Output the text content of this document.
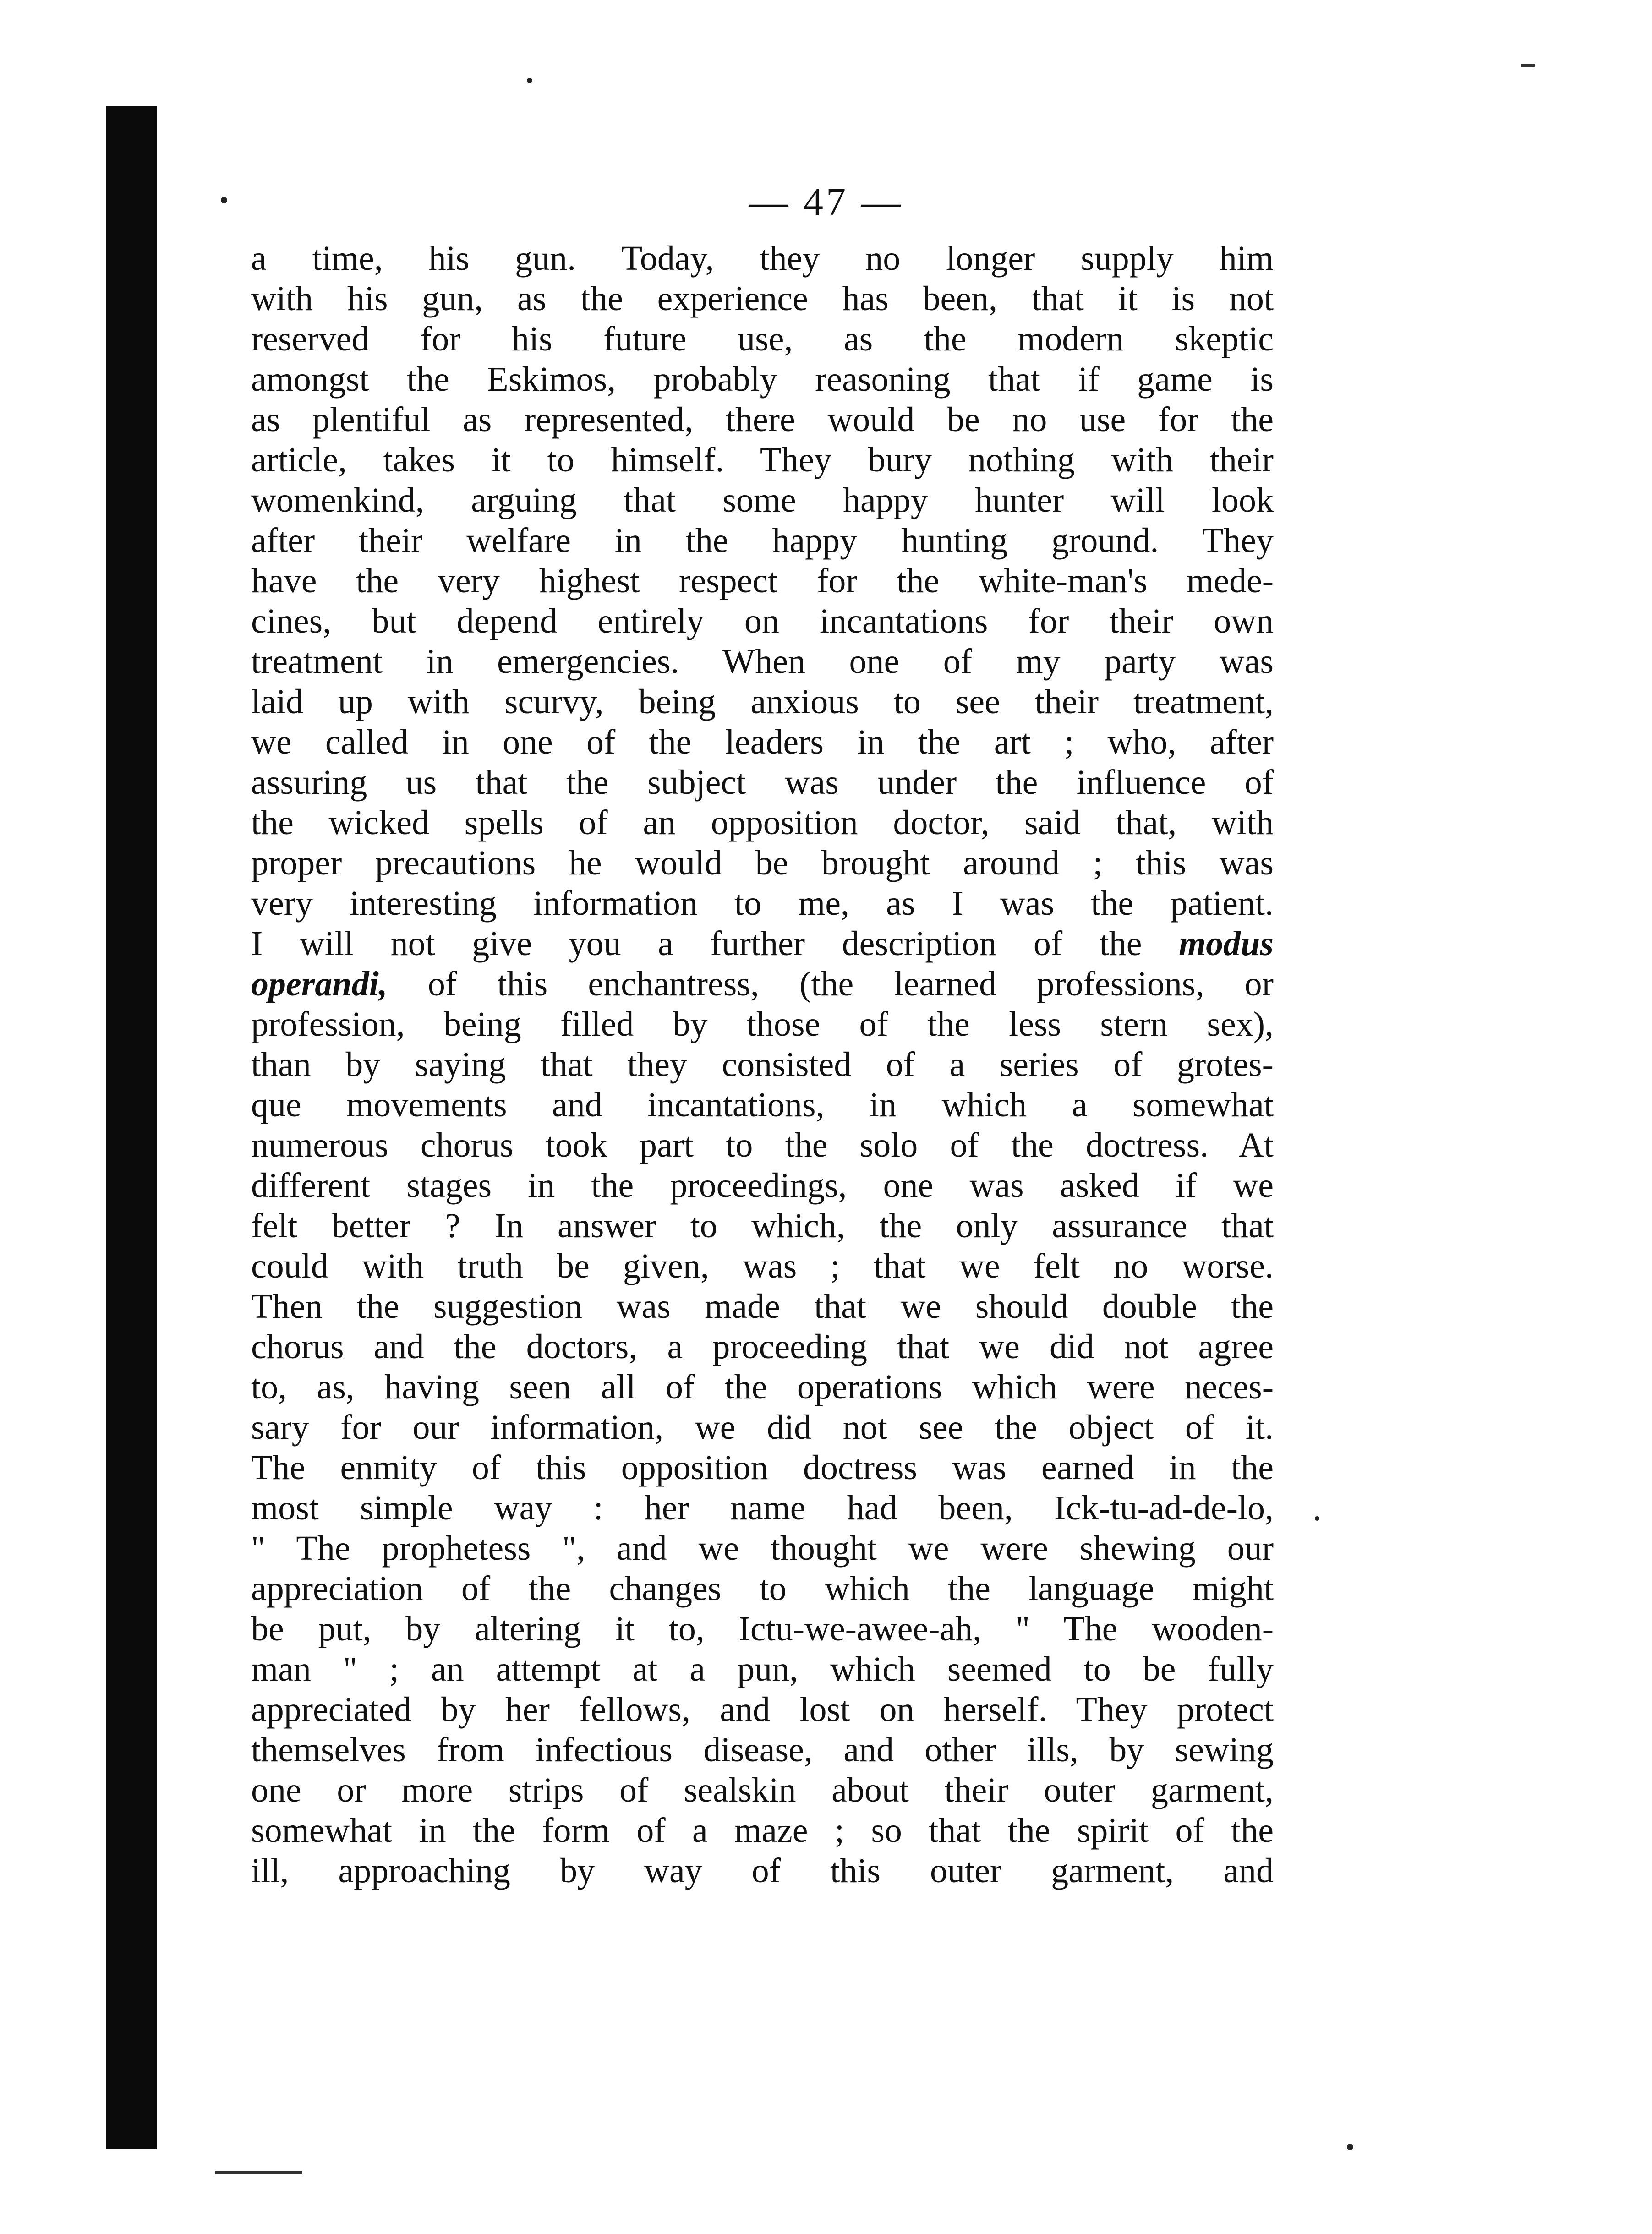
— 47 —
a time, his gun. Today, they no longer supply him
with his gun, as the experience has been, that it is not
reserved for his future use, as the modern skeptic
amongst the Eskimos, probably reasoning that if game is
as plentiful as represented, there would be no use for the
article, takes it to himself. They bury nothing with their
womenkind, arguing that some happy hunter will look
after their welfare in the happy hunting ground. They
have the very highest respect for the white-man's mede-
cines, but depend entirely on incantations for their own
treatment in emergencies. When one of my party was
laid up with scurvy, being anxious to see their treatment,
we called in one of the leaders in the art ; who, after
assuring us that the subject was under the influence of
the wicked spells of an opposition doctor, said that, with
proper precautions he would be brought around ; this was
very interesting information to me, as I was the patient.
I will not give you a further description of the modus
operandi, of this enchantress, (the learned professions, or
profession, being filled by those of the less stern sex),
than by saying that they consisted of a series of grotes-
que movements and incantations, in which a somewhat
numerous chorus took part to the solo of the doctress. At
different stages in the proceedings, one was asked if we
felt better ? In answer to which, the only assurance that
could with truth be given, was ; that we felt no worse.
Then the suggestion was made that we should double the
chorus and the doctors, a proceeding that we did not agree
to, as, having seen all of the operations which were neces-
sary for our information, we did not see the object of it.
The enmity of this opposition doctress was earned in the
most simple way : her name had been, Ick-tu-ad-de-lo,
" The prophetess ", and we thought we were shewing our
appreciation of the changes to which the language might
be put, by altering it to, Ictu-we-awee-ah, " The wooden-
man " ; an attempt at a pun, which seemed to be fully
appreciated by her fellows, and lost on herself. They protect
themselves from infectious disease, and other ills, by sewing
one or more strips of sealskin about their outer garment,
somewhat in the form of a maze ; so that the spirit of the
ill, approaching by way of this outer garment, and
